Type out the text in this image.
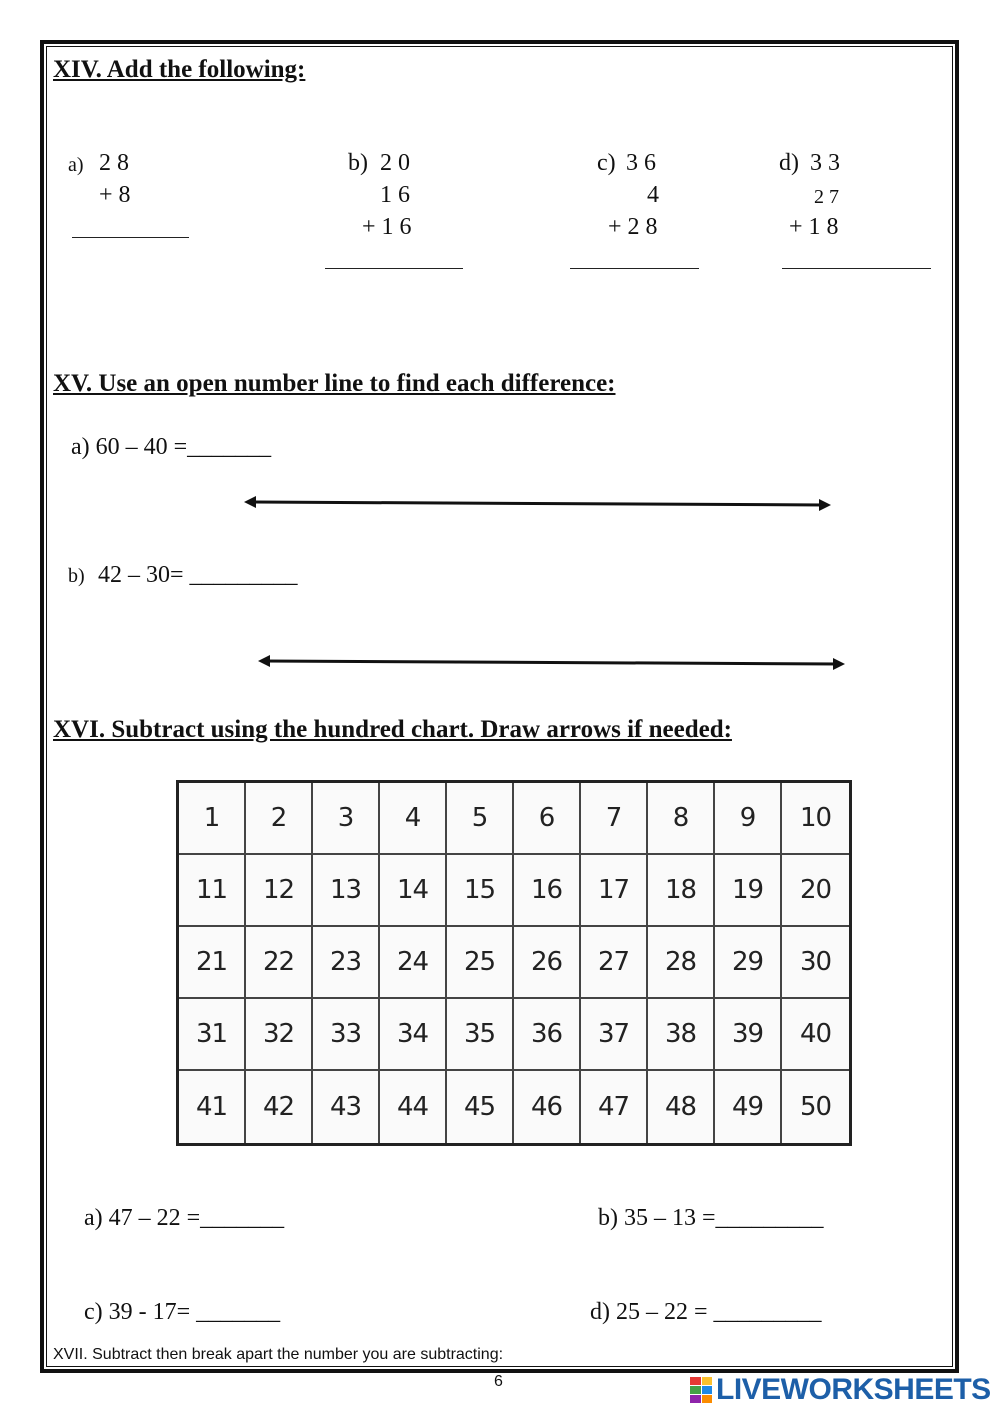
XIV. Add the following:
a) 2 8
+ 8
b) 2 0
1 6
+ 1 6
c) 3 6
4
+ 2 8
d) 3 3
2 7
+ 1 8
XV. Use an open number line to find each difference:
a) 60 – 40 =_______
b) 42 – 30= _________
XVI. Subtract using the hundred chart. Draw arrows if needed:
1	2	3	4	5	6	7	8	9	10
11	12	13	14	15	16	17	18	19	20
21	22	23	24	25	26	27	28	29	30
31	32	33	34	35	36	37	38	39	40
41	42	43	44	45	46	47	48	49	50
a) 47 – 22 =_______	b) 35 – 13 =_________
c) 39 - 17= _______	d) 25 – 22 = _________
XVII. Subtract then break apart the number you are subtracting:
6	LIVEWORKSHEETS
